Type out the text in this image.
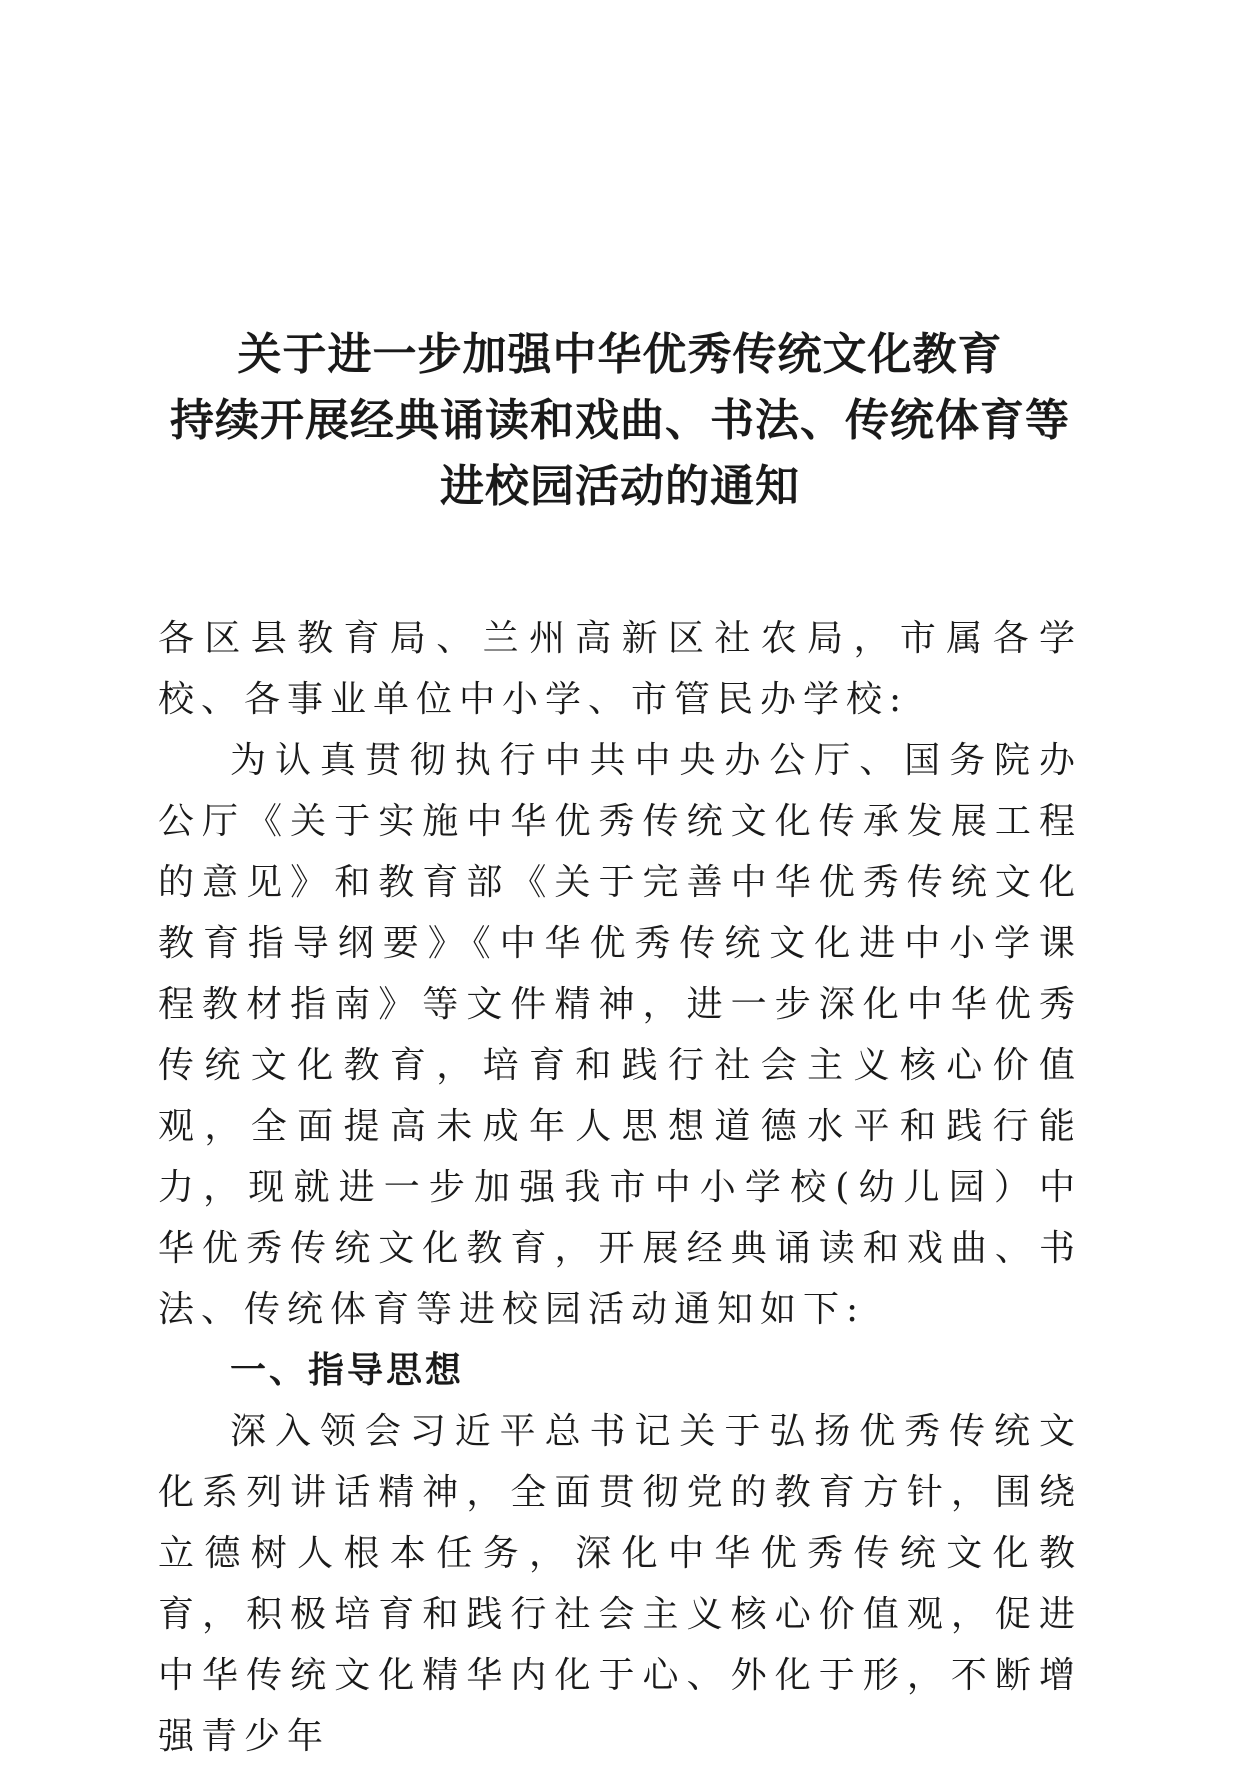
关于进一步加强中华优秀传统文化教育
持续开展经典诵读和戏曲、书法、传统体育等
进校园活动的通知

各区县教育局、兰州高新区社农局，市属各学校、各事业单位中小学、市管民办学校:

为认真贯彻执行中共中央办公厅、国务院办公厅《关于实施中华优秀传统文化传承发展工程的意见》和教育部《关于完善中华优秀传统文化教育指导纲要》《中华优秀传统文化进中小学课程教材指南》等文件精神，进一步深化中华优秀传统文化教育，培育和践行社会主义核心价值观，全面提高未成年人思想道德水平和践行能力，现就进一步加强我市中小学校(幼儿园）中华优秀传统文化教育，开展经典诵读和戏曲、书法、传统体育等进校园活动通知如下:

一、指导思想

深入领会习近平总书记关于弘扬优秀传统文化系列讲话精神，全面贯彻党的教育方针，围绕立德树人根本任务，深化中华优秀传统文化教育，积极培育和践行社会主义核心价值观，促进中华传统文化精华内化于心、外化于形，不断增强青少年
